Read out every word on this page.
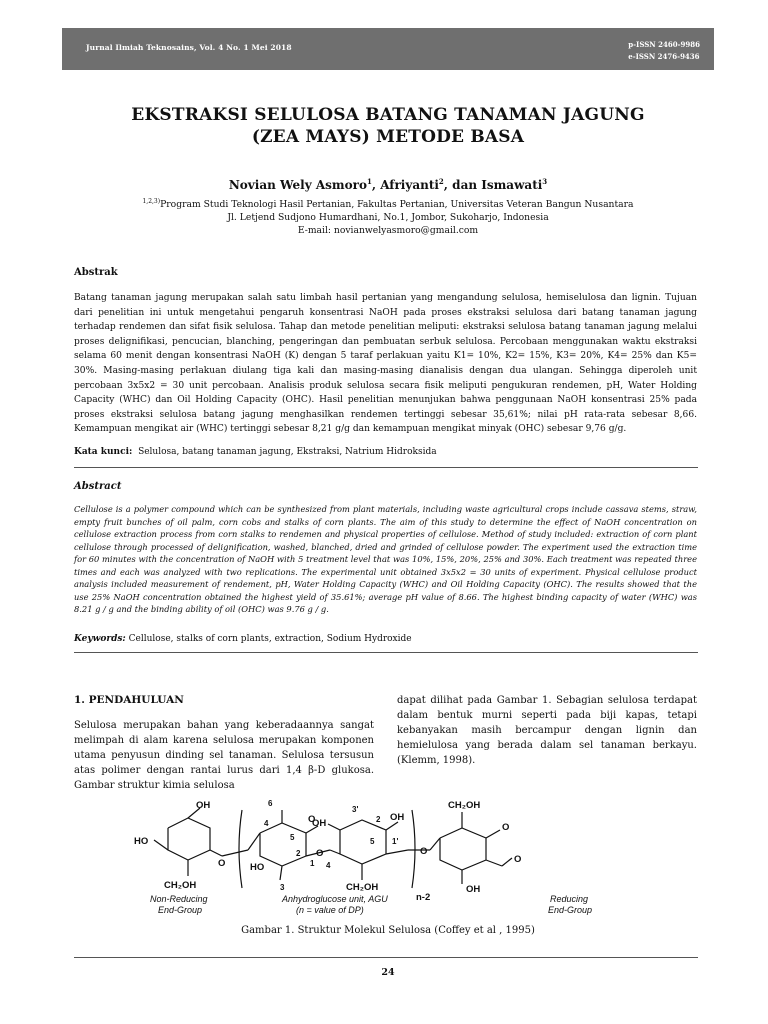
Jurnal Ilmiah Teknosains, Vol. 4 No. 1 Mei 2018	p-ISSN 2460-9986
e-ISSN 2476-9436
EKSTRAKSI SELULOSA BATANG TANAMAN JAGUNG
(ZEA MAYS) METODE BASA
Novian Wely Asmoro$^1$, Afriyanti$^2$, dan Ismawati$^3$
$^{1,2,3)}$Program Studi Teknologi Hasil Pertanian, Fakultas Pertanian, Universitas Veteran Bangun Nusantara
Jl. Letjend Sudjono Humardhani, No.1, Jombor, Sukoharjo, Indonesia
E-mail: novianwelyasmoro@gmail.com
Abstrak
Batang tanaman jagung merupakan salah satu limbah hasil pertanian yang mengandung selulosa, hemiselulosa dan lignin. Tujuan dari penelitian ini untuk mengetahui pengaruh konsentrasi NaOH pada proses ekstraksi selulosa dari batang tanaman jagung terhadap rendemen dan sifat fisik selulosa. Tahap dan metode penelitian meliputi: ekstraksi selulosa batang tanaman jagung melalui proses delignifikasi, pencucian, blanching, pengeringan dan pembuatan serbuk selulosa. Percobaan menggunakan waktu ekstraksi selama 60 menit dengan konsentrasi NaOH (K) dengan 5 taraf perlakuan yaitu K1= 10%, K2= 15%, K3= 20%, K4= 25% dan K5= 30%. Masing-masing perlakuan diulang tiga kali dan masing-masing dianalisis dengan dua ulangan. Sehingga diperoleh unit percobaan 3x5x2 = 30 unit percobaan. Analisis produk selulosa secara fisik meliputi pengukuran rendemen, pH, Water Holding Capacity (WHC) dan Oil Holding Capacity (OHC). Hasil penelitian menunjukan bahwa penggunaan NaOH konsentrasi 25% pada proses ekstraksi selulosa batang jagung menghasilkan rendemen tertinggi sebesar 35,61%; nilai pH rata-rata sebesar 8,66. Kemampuan mengikat air (WHC) tertinggi sebesar 8,21 g/g dan kemampuan mengikat minyak (OHC) sebesar 9,76 g/g.
Kata kunci: Selulosa, batang tanaman jagung, Ekstraksi, Natrium Hidroksida
Abstract
Cellulose is a polymer compound which can be synthesized from plant materials, including waste agricultural crops include cassava stems, straw, empty fruit bunches of oil palm, corn cobs and stalks of corn plants. The aim of this study to determine the effect of NaOH concentration on cellulose extraction process from corn stalks to rendemen and physical properties of cellulose. Method of study included: extraction of corn plant cellulose through processed of delignification, washed, blanched, dried and grinded of cellulose powder. The experiment used the extraction time for 60 minutes with the concentration of NaOH with 5 treatment level that was 10%, 15%, 20%, 25% and 30%. Each treatment was repeated three times and each was analyzed with two replications. The experimental unit obtained 3x5x2 = 30 units of experiment. Physical cellulose product analysis included measurement of rendement, pH, Water Holding Capacity (WHC) and Oil Holding Capacity (OHC). The results showed that the use 25% NaOH concentration obtained the highest yield of 35.61%; average pH value of 8.66. The highest binding capacity of water (WHC) was 8.21 g / g and the binding ability of oil (OHC) was 9.76 g / g.
Keywords: Cellulose, stalks of corn plants, extraction, Sodium Hydroxide
1. PENDAHULUAN
Selulosa merupakan bahan yang keberadaannya sangat melimpah di alam karena selulosa merupakan komponen utama penyusun dinding sel tanaman. Selulosa tersusun atas polimer dengan rantai lurus dari 1,4 β-D glukosa. Gambar struktur kimia selulosa
dapat dilihat pada Gambar 1. Sebagian selulosa terdapat dalam bentuk murni seperti pada biji kapas, tetapi kebanyakan masih bercampur dengan lignin dan hemielulosa yang berada dalam sel tanaman berkayu. (Klemm, 1998).
HO
OH
CH₂OH
O
6
4
5
2
1
3
HO
OH
OH
O
O
3'
4
5
2
1'
CH₂OH
n-2
O
CH₂OH
O
O
OH
Non-Reducing
End-Group
Anhydroglucose unit, AGU
(n = value of DP)
Reducing
End-Group
Gambar 1. Struktur Molekul Selulosa (Coffey et al , 1995)
24
